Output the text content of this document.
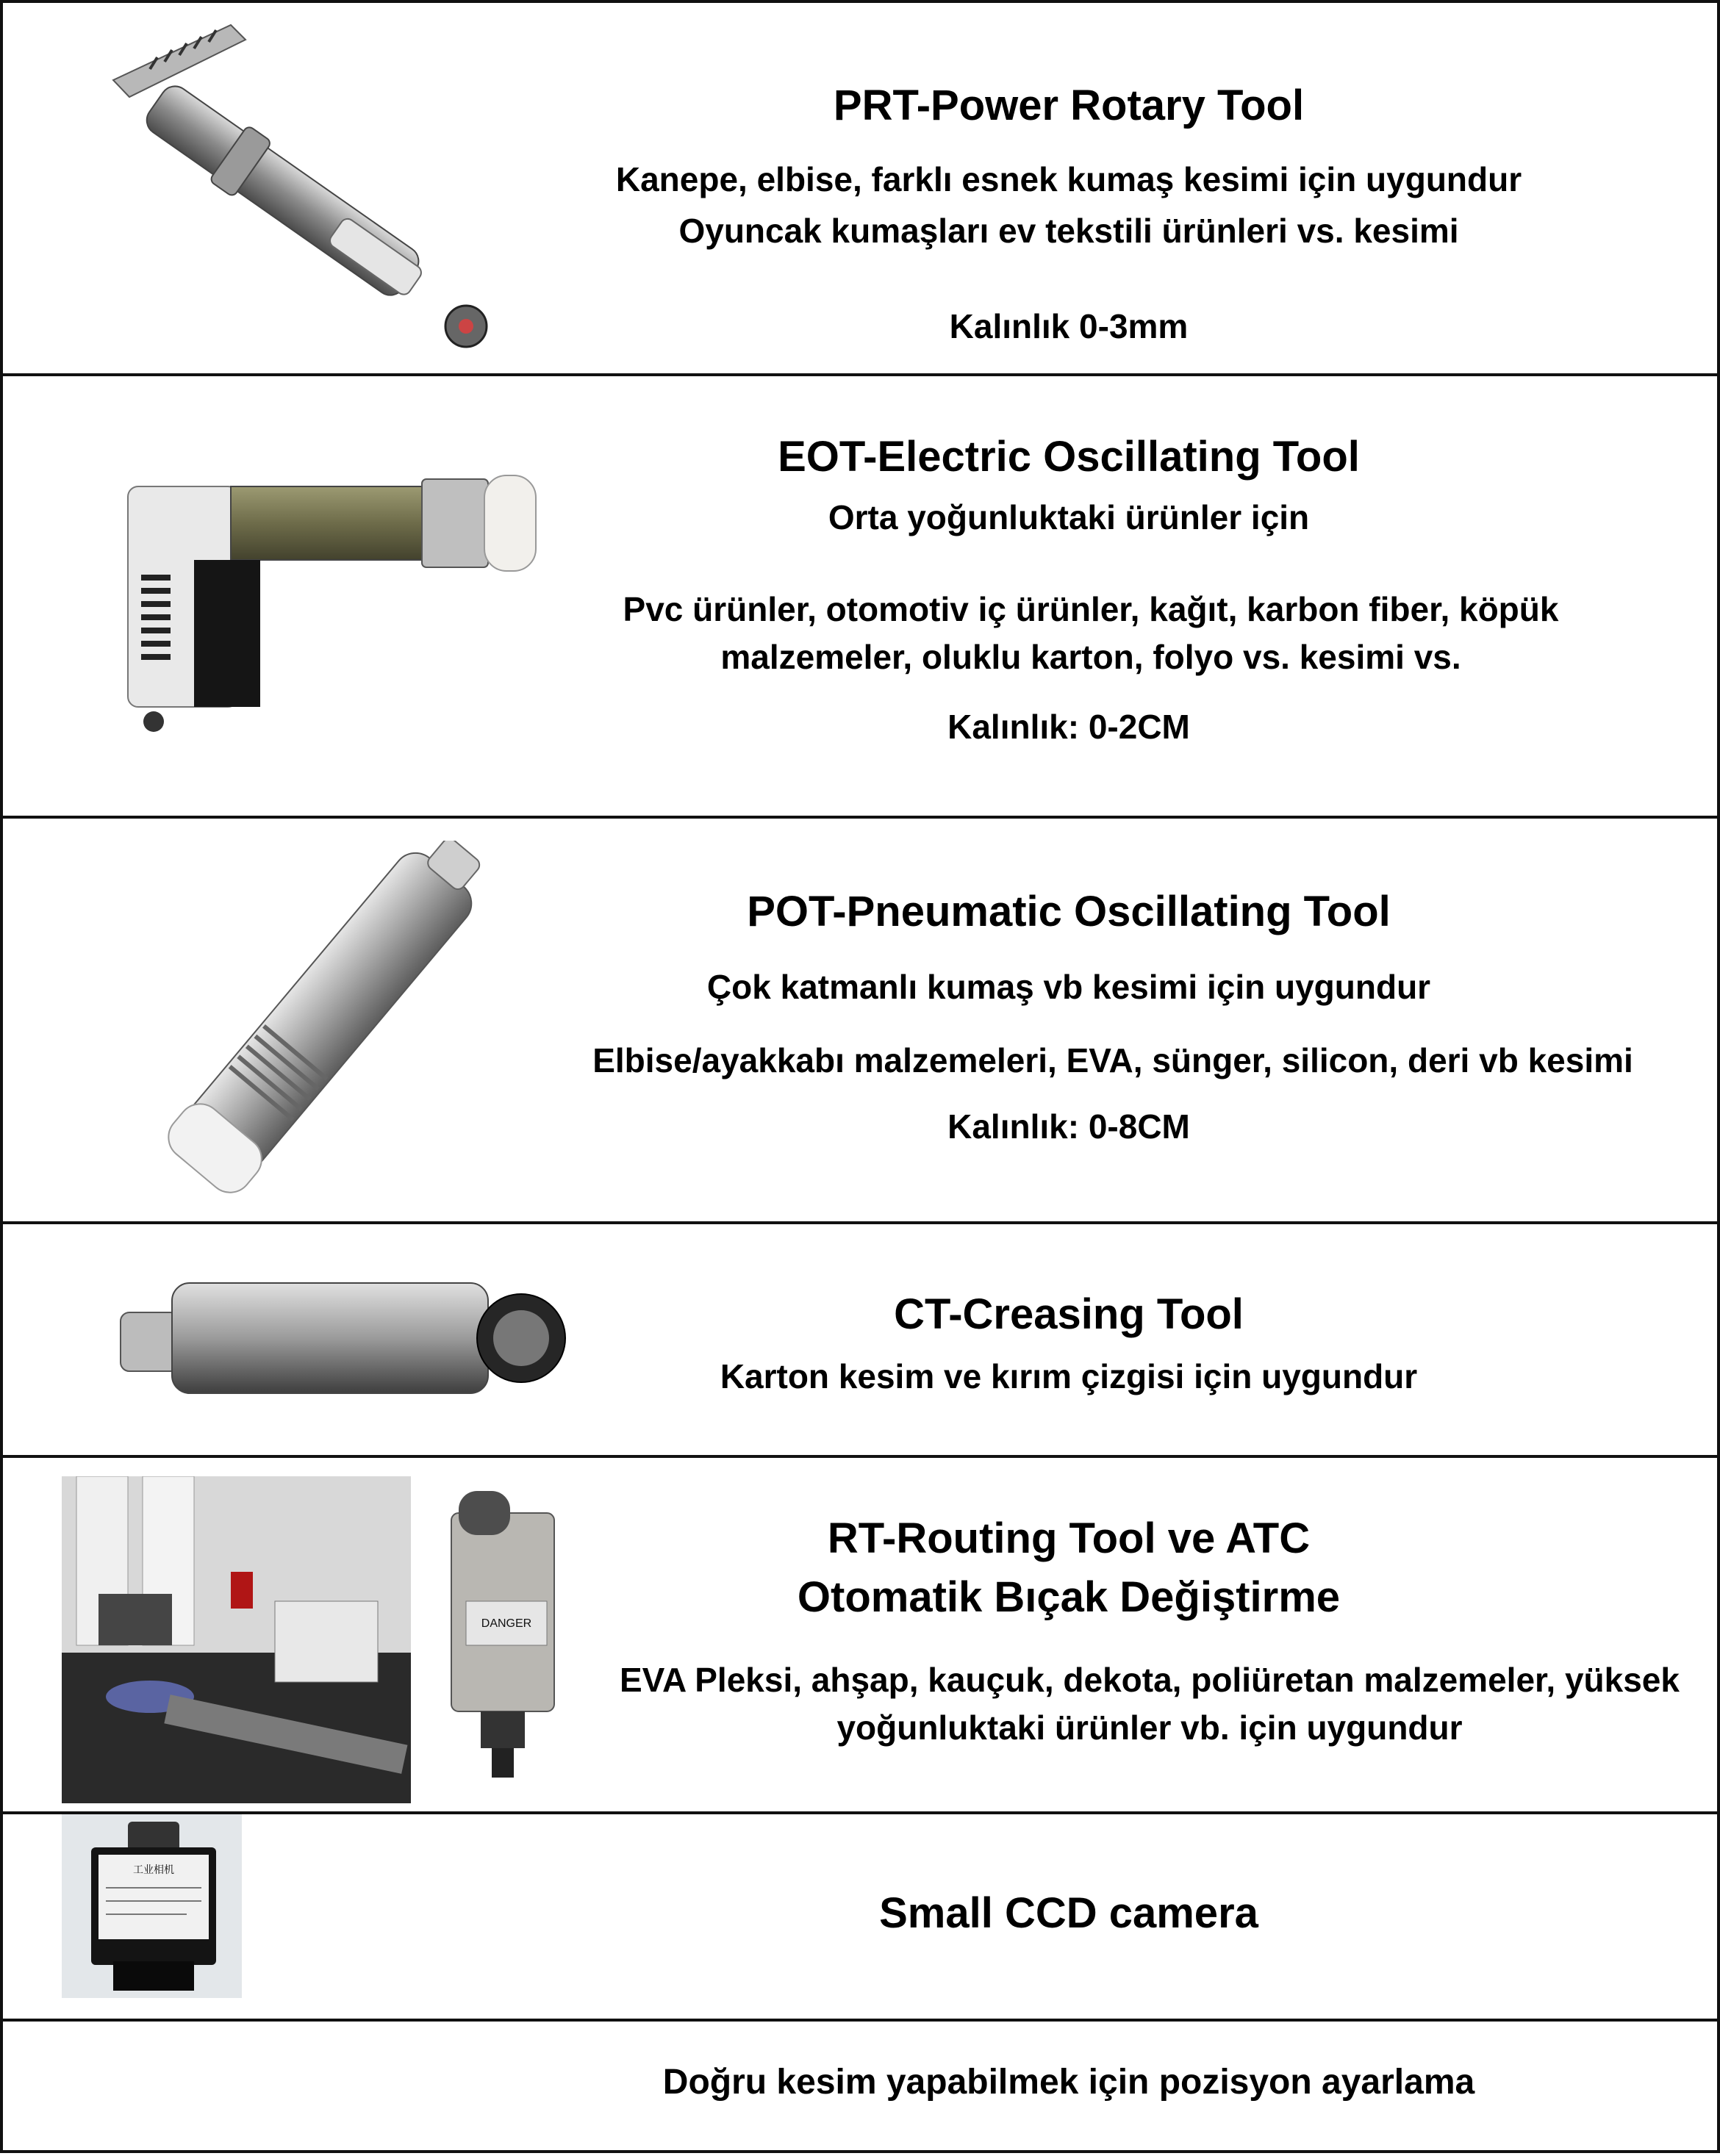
PRT-Power Rotary Tool
Kanepe, elbise, farklı esnek kumaş kesimi için uygundur
Oyuncak kumaşları ev tekstili ürünleri vs. kesimi
Kalınlık 0-3mm
EOT-Electric Oscillating Tool
Orta yoğunluktaki ürünler için
Pvc ürünler, otomotiv iç ürünler, kağıt, karbon fiber, köpük
malzemeler, oluklu karton, folyo vs. kesimi vs.
Kalınlık: 0-2CM
POT-Pneumatic Oscillating Tool
Çok katmanlı kumaş vb kesimi için uygundur
Elbise/ayakkabı malzemeleri, EVA, sünger, silicon, deri vb kesimi
Kalınlık: 0-8CM
CT-Creasing Tool
Karton kesim ve kırım çizgisi için uygundur
DANGER
RT-Routing Tool ve ATC
Otomatik Bıçak Değiştirme
EVA Pleksi, ahşap, kauçuk, dekota, poliüretan malzemeler, yüksek
yoğunluktaki ürünler vb. için uygundur
工业相机
Small CCD camera
Doğru kesim yapabilmek için pozisyon ayarlama
